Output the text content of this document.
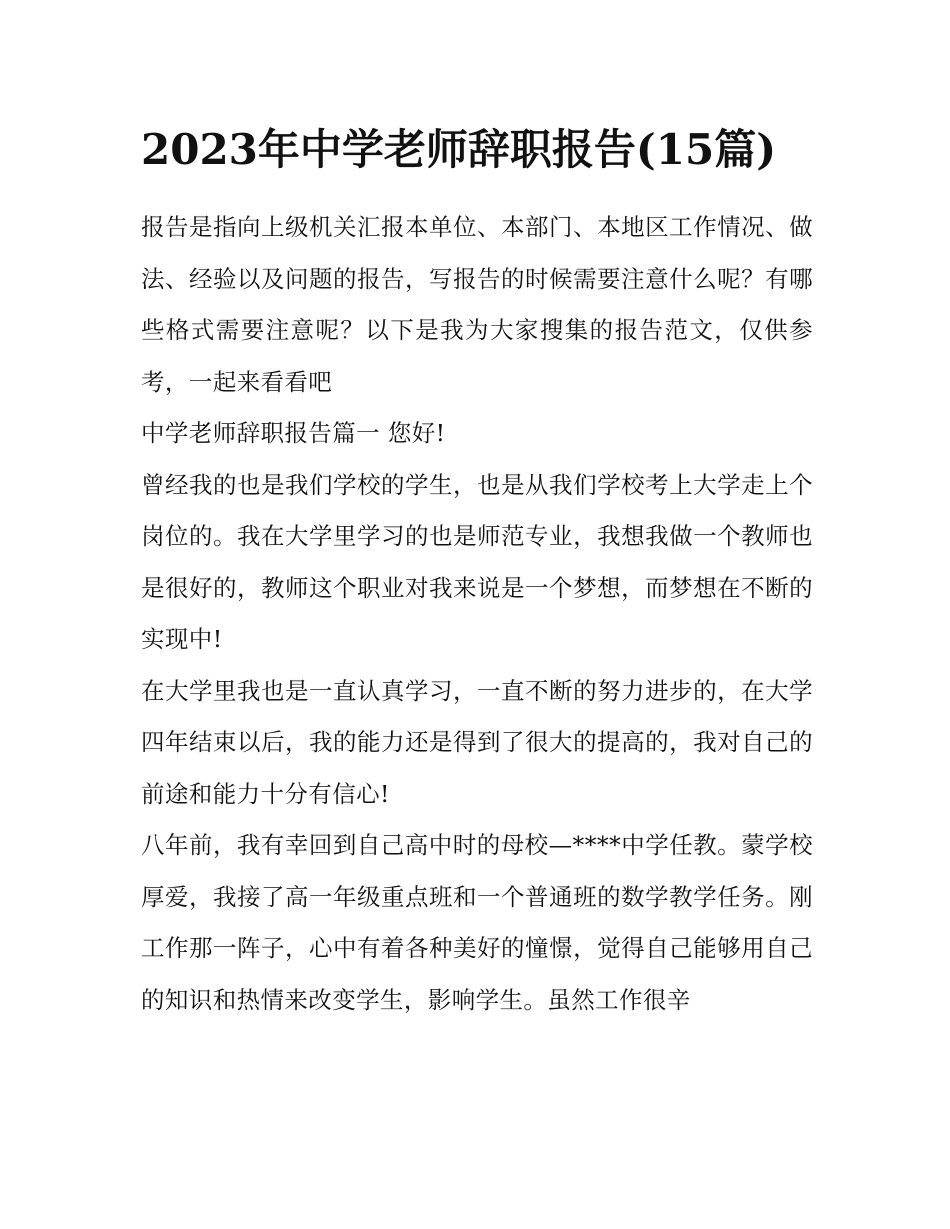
2023年中学老师辞职报告(15篇)

报告是指向上级机关汇报本单位、本部门、本地区工作情况、做法、经验以及问题的报告，写报告的时候需要注意什么呢？有哪些格式需要注意呢？以下是我为大家搜集的报告范文，仅供参考，一起来看看吧

中学老师辞职报告篇一 您好!

曾经我的也是我们学校的学生，也是从我们学校考上大学走上个岗位的。我在大学里学习的也是师范专业，我想我做一个教师也是很好的，教师这个职业对我来说是一个梦想，而梦想在不断的实现中!

在大学里我也是一直认真学习，一直不断的努力进步的，在大学四年结束以后，我的能力还是得到了很大的提高的，我对自己的前途和能力十分有信心!

八年前，我有幸回到自己高中时的母校—****中学任教。蒙学校厚爱，我接了高一年级重点班和一个普通班的数学教学任务。刚工作那一阵子，心中有着各种美好的憧憬，觉得自己能够用自己的知识和热情来改变学生，影响学生。虽然工作很辛
